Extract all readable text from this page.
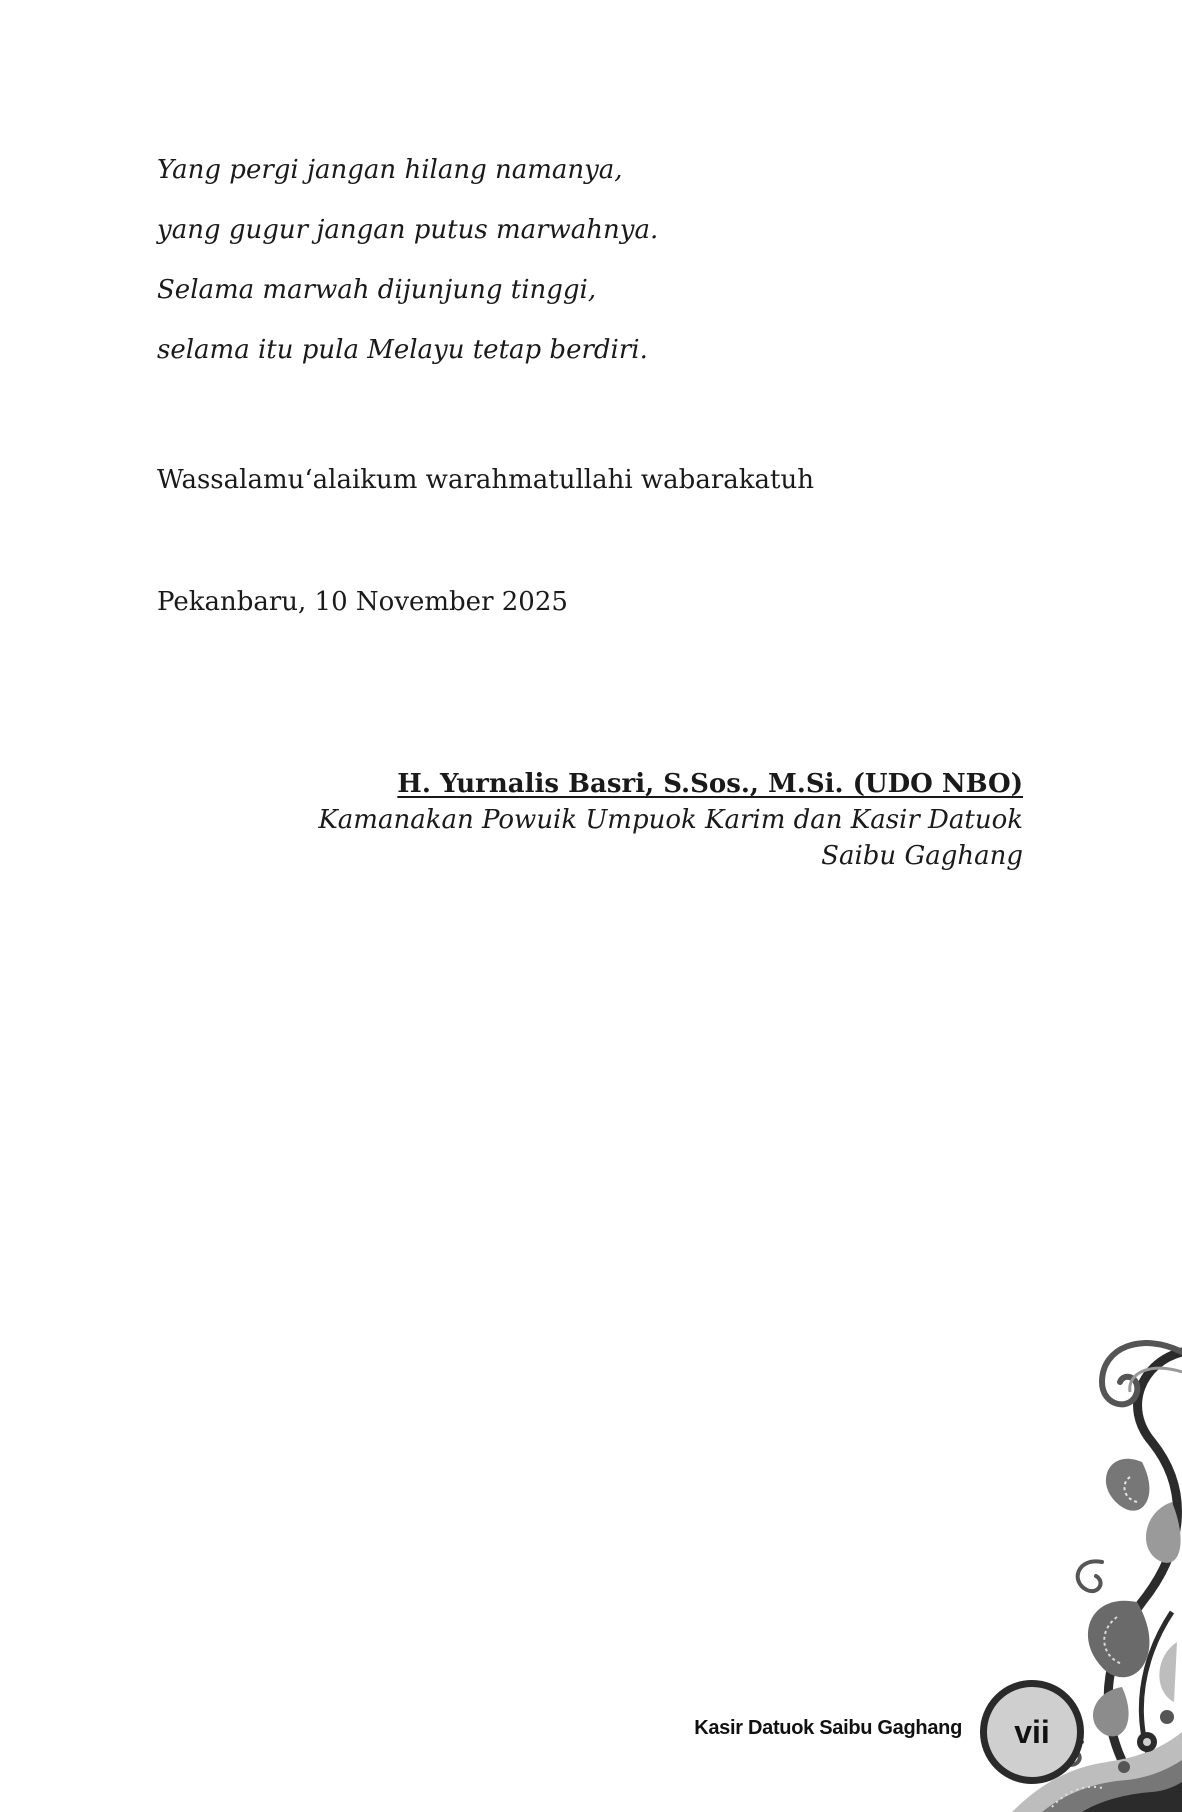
Yang pergi jangan hilang namanya,
yang gugur jangan putus marwahnya.
Selama marwah dijunjung tinggi,
selama itu pula Melayu tetap berdiri.
Wassalamu‘alaikum warahmatullahi wabarakatuh
Pekanbaru, 10 November 2025
H. Yurnalis Basri, S.Sos., M.Si. (UDO NBO)
Kamanakan Powuik Umpuok Karim dan Kasir Datuok Saibu Gaghang
Kasir Datuok Saibu Gaghang vii
